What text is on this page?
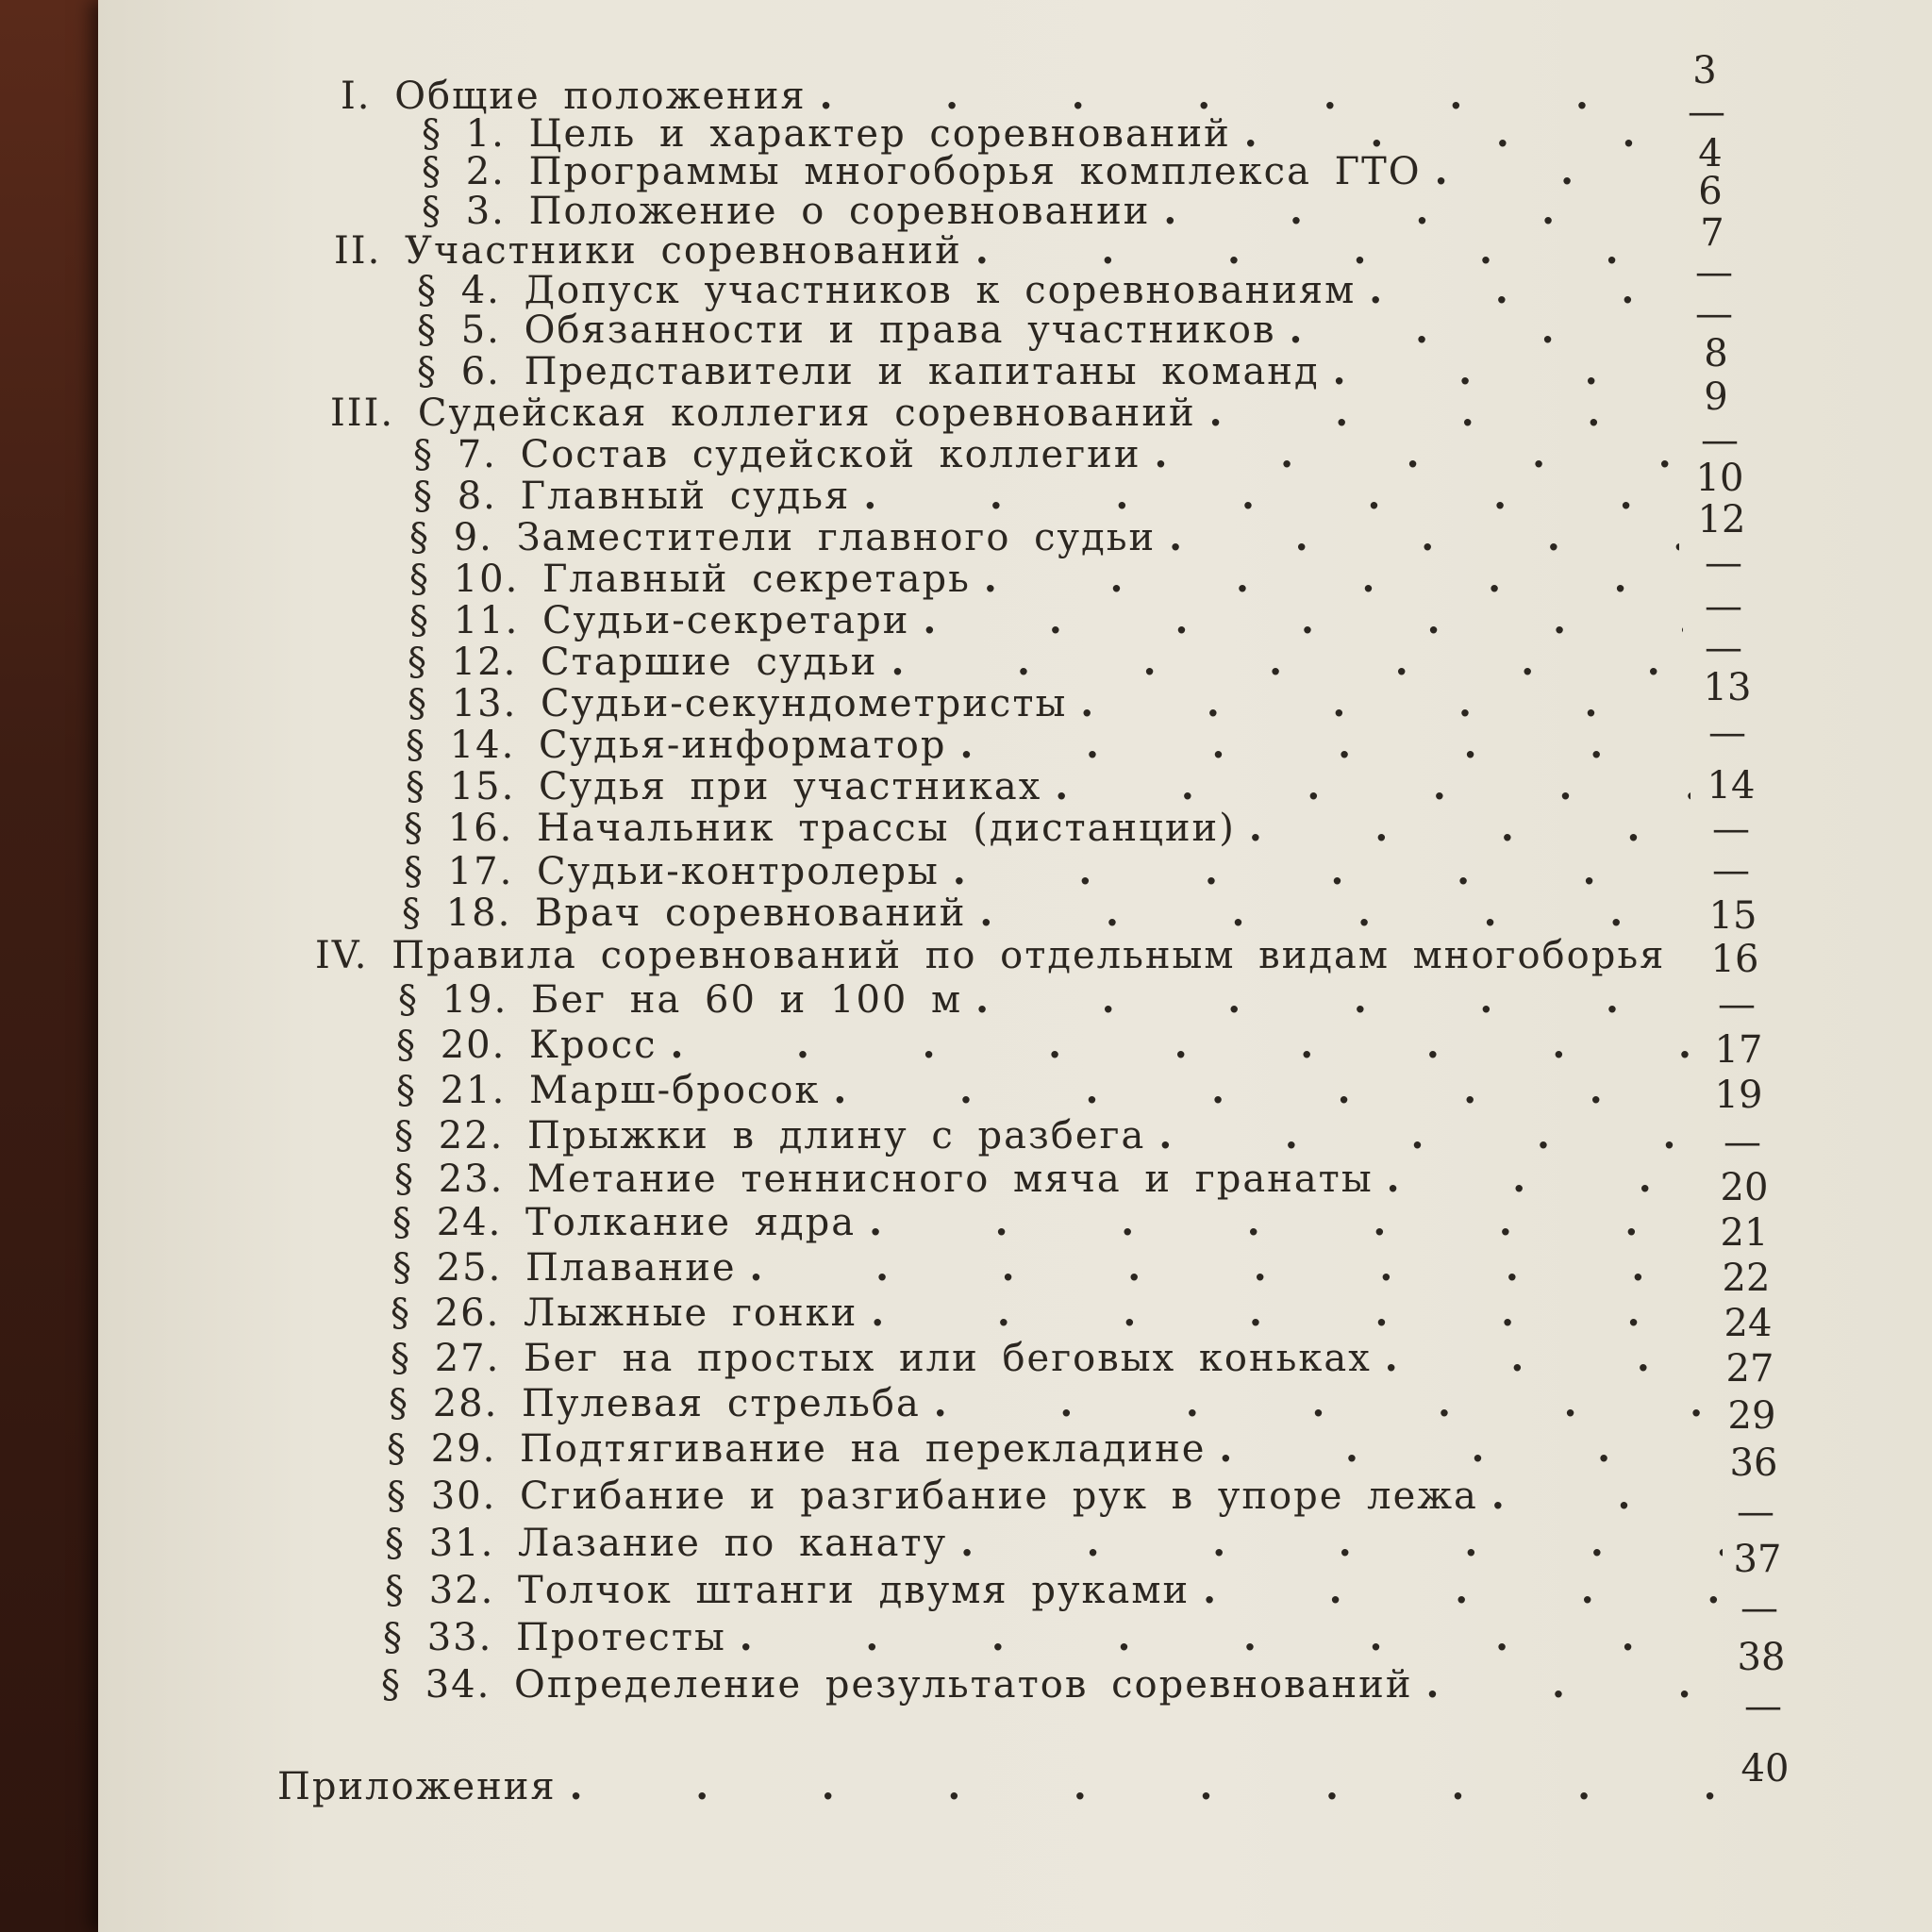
I. Общие положения
.
§ 1. Цель и характер соревнований
.
§ 2. Программы многоборья комплекса ГТО
.
§ 3. Положение о соревновании
.
II. Участники соревнований
.
§ 4. Допуск участников к соревнованиям
.
§ 5. Обязанности и права участников
.
§ 6. Представители и капитаны команд
.
III. Судейская коллегия соревнований
.
§ 7. Состав судейской коллегии
.
§ 8. Главный судья
.
§ 9. Заместители главного судьи
.
§ 10. Главный секретарь
.
§ 11. Судьи-секретари
.
§ 12. Старшие судьи
.
§ 13. Судьи-секундометристы
.
§ 14. Судья-информатор
.
§ 15. Судья при участниках
.
§ 16. Начальник трассы (дистанции)
.
§ 17. Судьи-контролеры
.
§ 18. Врач соревнований
.
IV. Правила соревнований по отдельным видам многоборья
§ 19. Бег на 60 и 100 м
.
§ 20. Кросс
.
§ 21. Марш-бросок
.
§ 22. Прыжки в длину с разбега
.
§ 23. Метание теннисного мяча и гранаты
.
§ 24. Толкание ядра
.
§ 25. Плавание
.
§ 26. Лыжные гонки
.
§ 27. Бег на простых или беговых коньках
.
§ 28. Пулевая стрельба
.
§ 29. Подтягивание на перекладине
.
§ 30. Сгибание и разгибание рук в упоре лежа
.
§ 31. Лазание по канату
.
§ 32. Толчок штанги двумя руками
.
§ 33. Протесты
.
§ 34. Определение результатов соревнований
.
Приложения
.
3
—
4
6
7
—
—
8
9
—
10
12
—
—
—
13
—
14
—
—
15
16
—
17
19
—
20
21
22
24
27
29
36
—
37
—
38
—
40
